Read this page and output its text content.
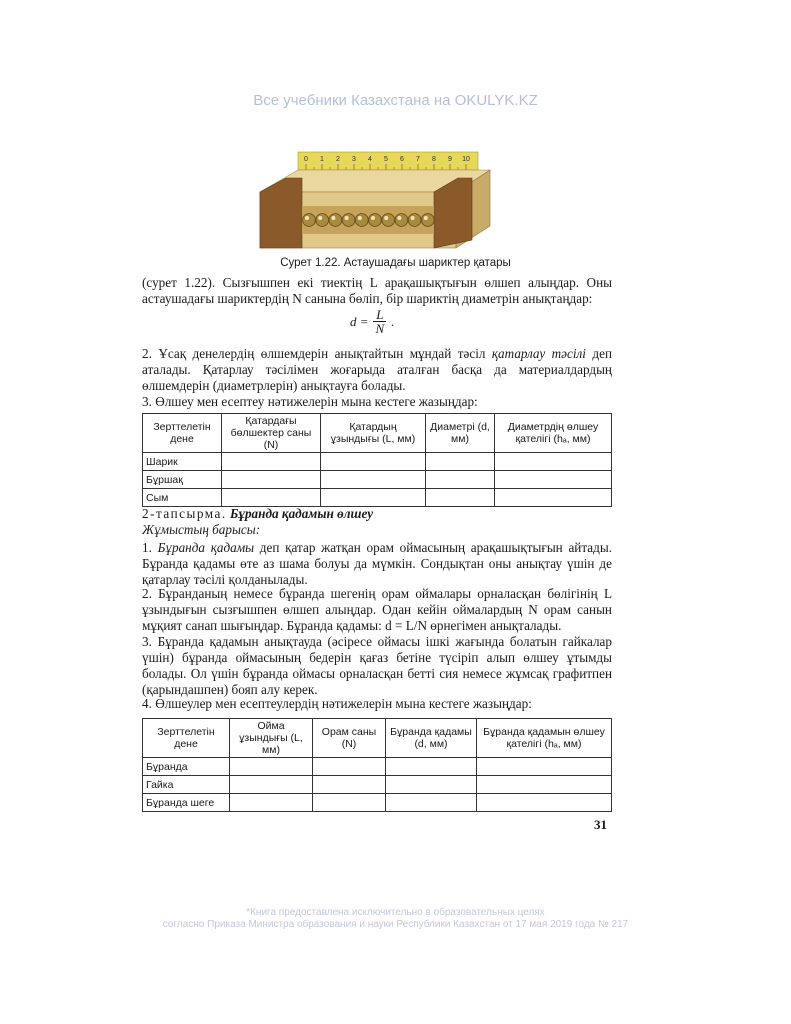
Все учебники Казахстана на OKULYK.KZ
0 1 2 3 4 5 6 7 8 9 10
Сурет 1.22. Астаушадағы шариктер қатары

(сурет 1.22). Сызғышпен екі тиектің L арақашықтығын өлшеп алыңдар. Оны астаушадағы шариктердің N санына бөліп, бір шариктің диаметрін анықтаңдар:

$d = \frac{L}{N}$ .

2. Ұсақ денелердің өлшемдерін анықтайтын мұндай тәсіл қатарлау тәсілі деп аталады. Қатарлау тәсілімен жоғарыда аталған басқа да материалдардың өлшемдерін (диаметрлерін) анықтауға болады.

3. Өлшеу мен есептеу нәтижелерін мына кестеге жазыңдар:

Зерттелетін дене	Қатардағы бөлшектер саны (N)	Қатардың ұзындығы (L, мм)	Диаметрі (d, мм)	Диаметрдің өлшеу қателігі (hₐ, мм)
Шарик				
Бұршақ				
Сым				

2-тапсырма. Бұранда қадамын өлшеу

Жұмыстың барысы:

1. Бұранда қадамы деп қатар жатқан орам оймасының арақашықтығын айтады. Бұранда қадамы өте аз шама болуы да мүмкін. Сондықтан оны анықтау үшін де қатарлау тәсілі қолданылады.

2. Бұранданың немесе бұранда шегенің орам оймалары орналасқан бөлігінің L ұзындығын сызғышпен өлшеп алыңдар. Одан кейін оймалардың N орам санын мұқият санап шығыңдар. Бұранда қадамы: d = L/N өрнегімен анықталады.

3. Бұранда қадамын анықтауда (әсіресе оймасы ішкі жағында болатын гайкалар үшін) бұранда оймасының бедерін қағаз бетіне түсіріп алып өлшеу ұтымды болады. Ол үшін бұранда оймасы орналасқан бетті сия немесе жұмсақ графитпен (қарындашпен) бояп алу керек.

4. Өлшеулер мен есептеулердің нәтижелерін мына кестеге жазыңдар:

Зерттелетін дене	Ойма ұзындығы (L, мм)	Орам саны (N)	Бұранда қадамы (d, мм)	Бұранда қадамын өлшеу қателігі (hₐ, мм)
Бұранда				
Гайка				
Бұранда шеге				
31
*Книга предоставлена исключительно в образовательных целях
согласно Приказа Министра образования и науки Республики Казахстан от 17 мая 2019 года № 217
